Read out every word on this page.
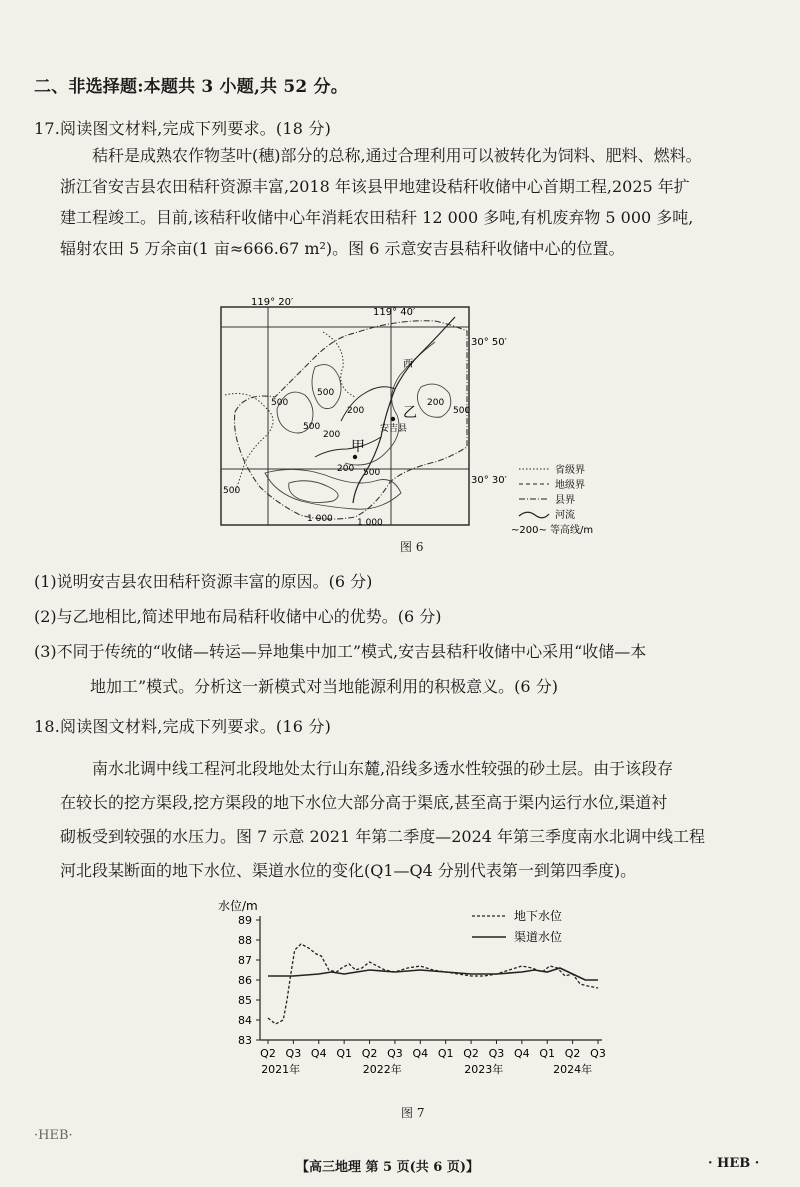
二、非选择题:本题共 3 小题,共 52 分。
17.阅读图文材料,完成下列要求。(18 分)

秸秆是成熟农作物茎叶(穗)部分的总称,通过合理利用可以被转化为饲料、肥料、燃料。

浙江省安吉县农田秸秆资源丰富,2018 年该县甲地建设秸秆收储中心首期工程,2025 年扩

建工程竣工。目前,该秸秆收储中心年消耗农田秸秆 12 000 多吨,有机废弃物 5 000 多吨,

辐射农田 5 万余亩(1 亩≈666.67 m²)。图 6 示意安吉县秸秆收储中心的位置。

119° 20′
119° 40′
30° 50′
30° 30′
500
500
200
200
500
200
500
1 000	1 000
500
200
500
西
乙
安吉县
甲
省级界
地级界
县界
河流
~200~ 等高线/m
图 6

(1)说明安吉县农田秸秆资源丰富的原因。(6 分)

(2)与乙地相比,简述甲地布局秸秆收储中心的优势。(6 分)

(3)不同于传统的“收储—转运—异地集中加工”模式,安吉县秸秆收储中心采用“收储—本

地加工”模式。分析这一新模式对当地能源利用的积极意义。(6 分)

18.阅读图文材料,完成下列要求。(16 分)

南水北调中线工程河北段地处太行山东麓,沿线多透水性较强的砂土层。由于该段存

在较长的挖方渠段,挖方渠段的地下水位大部分高于渠底,甚至高于渠内运行水位,渠道衬

砌板受到较强的水压力。图 7 示意 2021 年第二季度—2024 年第三季度南水北调中线工程

河北段某断面的地下水位、渠道水位的变化(Q1—Q4 分别代表第一到第四季度)。

水位/m
83
84
85
86
87
88
89
Q2 Q3 Q4 Q1 Q2 Q3 Q4 Q1 Q2 Q3 Q4 Q1 Q2 Q3
2021年	2022年	2023年	2024年
地下水位
渠道水位
图 7
·HEB·
【高三地理 第 5 页(共 6 页)】	· HEB ·
